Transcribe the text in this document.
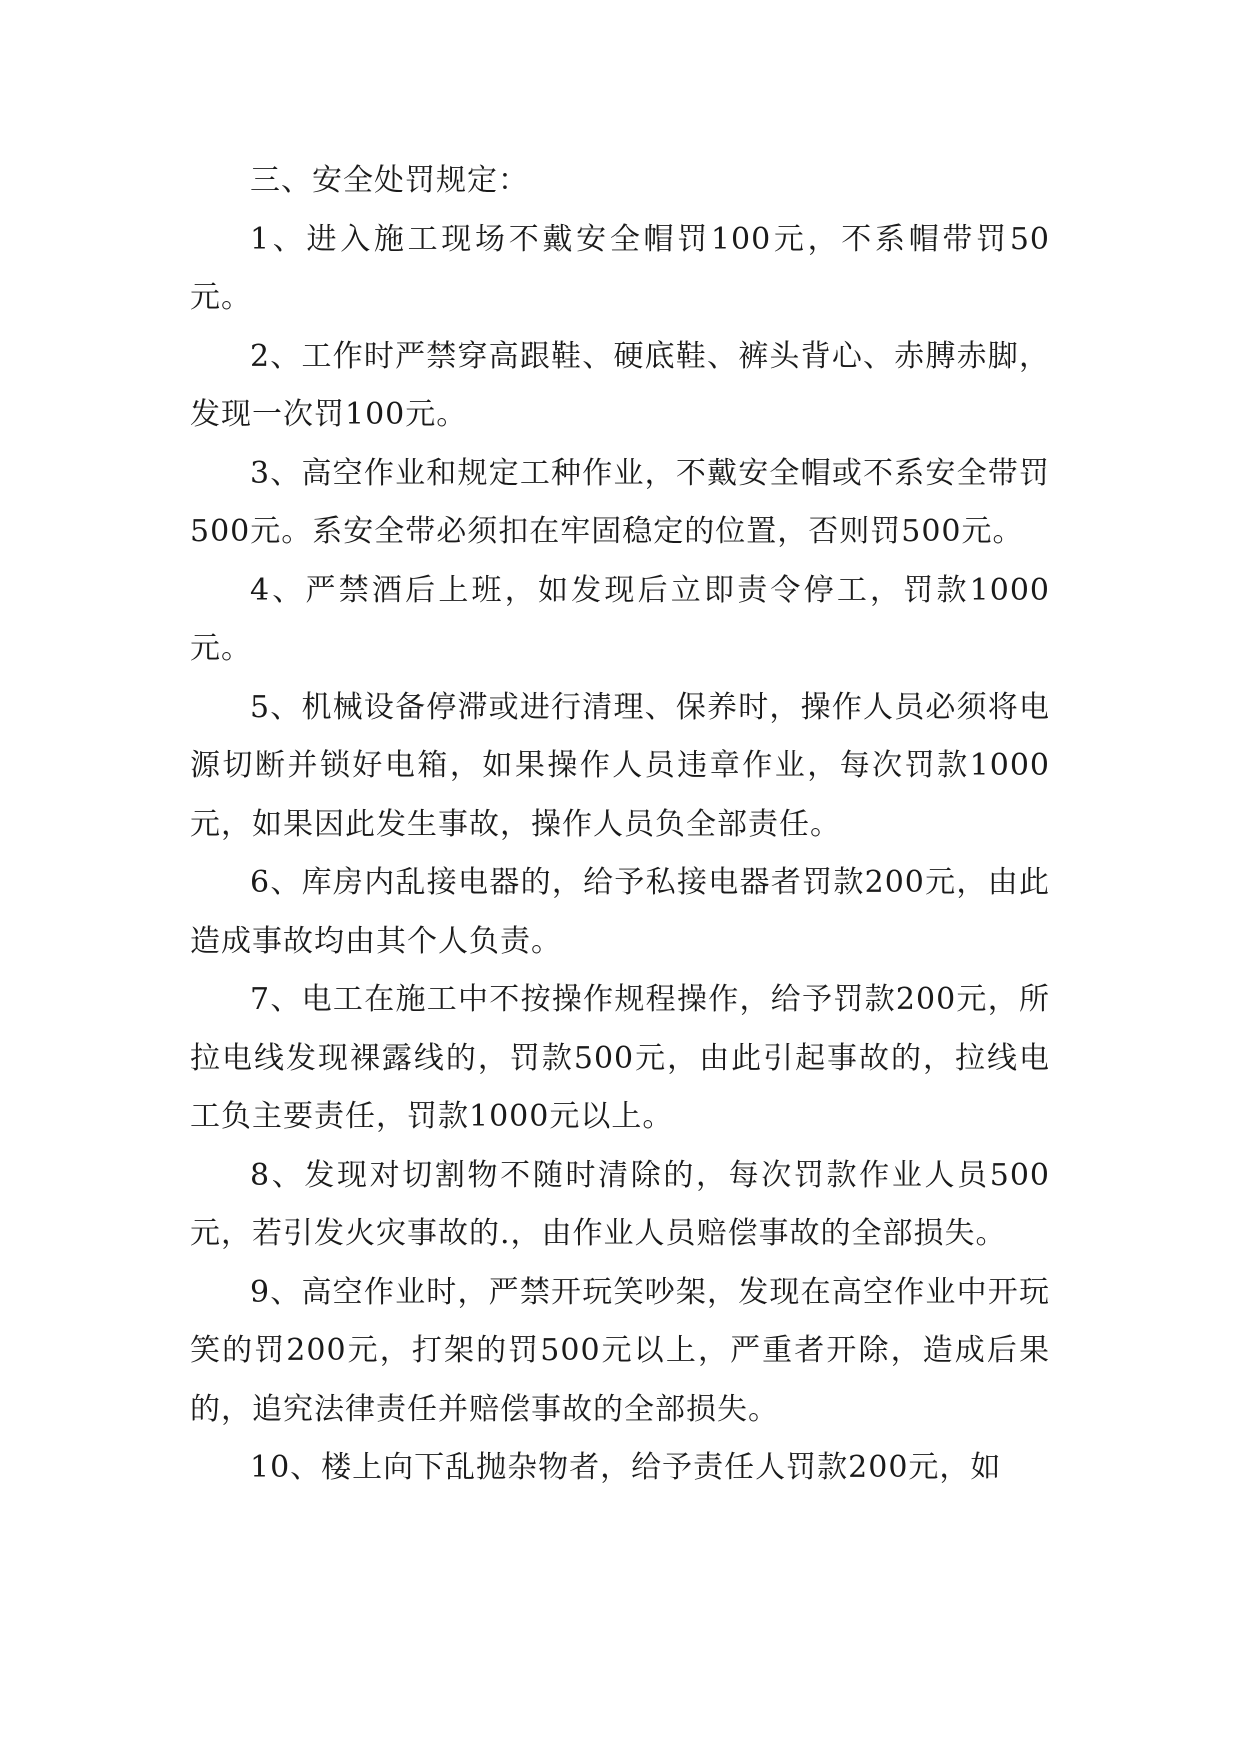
三、安全处罚规定：

1、进入施工现场不戴安全帽罚100元，不系帽带罚50元。

2、工作时严禁穿高跟鞋、硬底鞋、裤头背心、赤膊赤脚，发现一次罚100元。

3、高空作业和规定工种作业，不戴安全帽或不系安全带罚500元。系安全带必须扣在牢固稳定的位置，否则罚500元。

4、严禁酒后上班，如发现后立即责令停工，罚款1000元。

5、机械设备停滞或进行清理、保养时，操作人员必须将电源切断并锁好电箱，如果操作人员违章作业，每次罚款1000元，如果因此发生事故，操作人员负全部责任。

6、库房内乱接电器的，给予私接电器者罚款200元，由此造成事故均由其个人负责。

7、电工在施工中不按操作规程操作，给予罚款200元，所拉电线发现裸露线的，罚款500元，由此引起事故的，拉线电工负主要责任，罚款1000元以上。

8、发现对切割物不随时清除的，每次罚款作业人员500元，若引发火灾事故的.，由作业人员赔偿事故的全部损失。

9、高空作业时，严禁开玩笑吵架，发现在高空作业中开玩笑的罚200元，打架的罚500元以上，严重者开除，造成后果的，追究法律责任并赔偿事故的全部损失。

10、楼上向下乱抛杂物者，给予责任人罚款200元，如
